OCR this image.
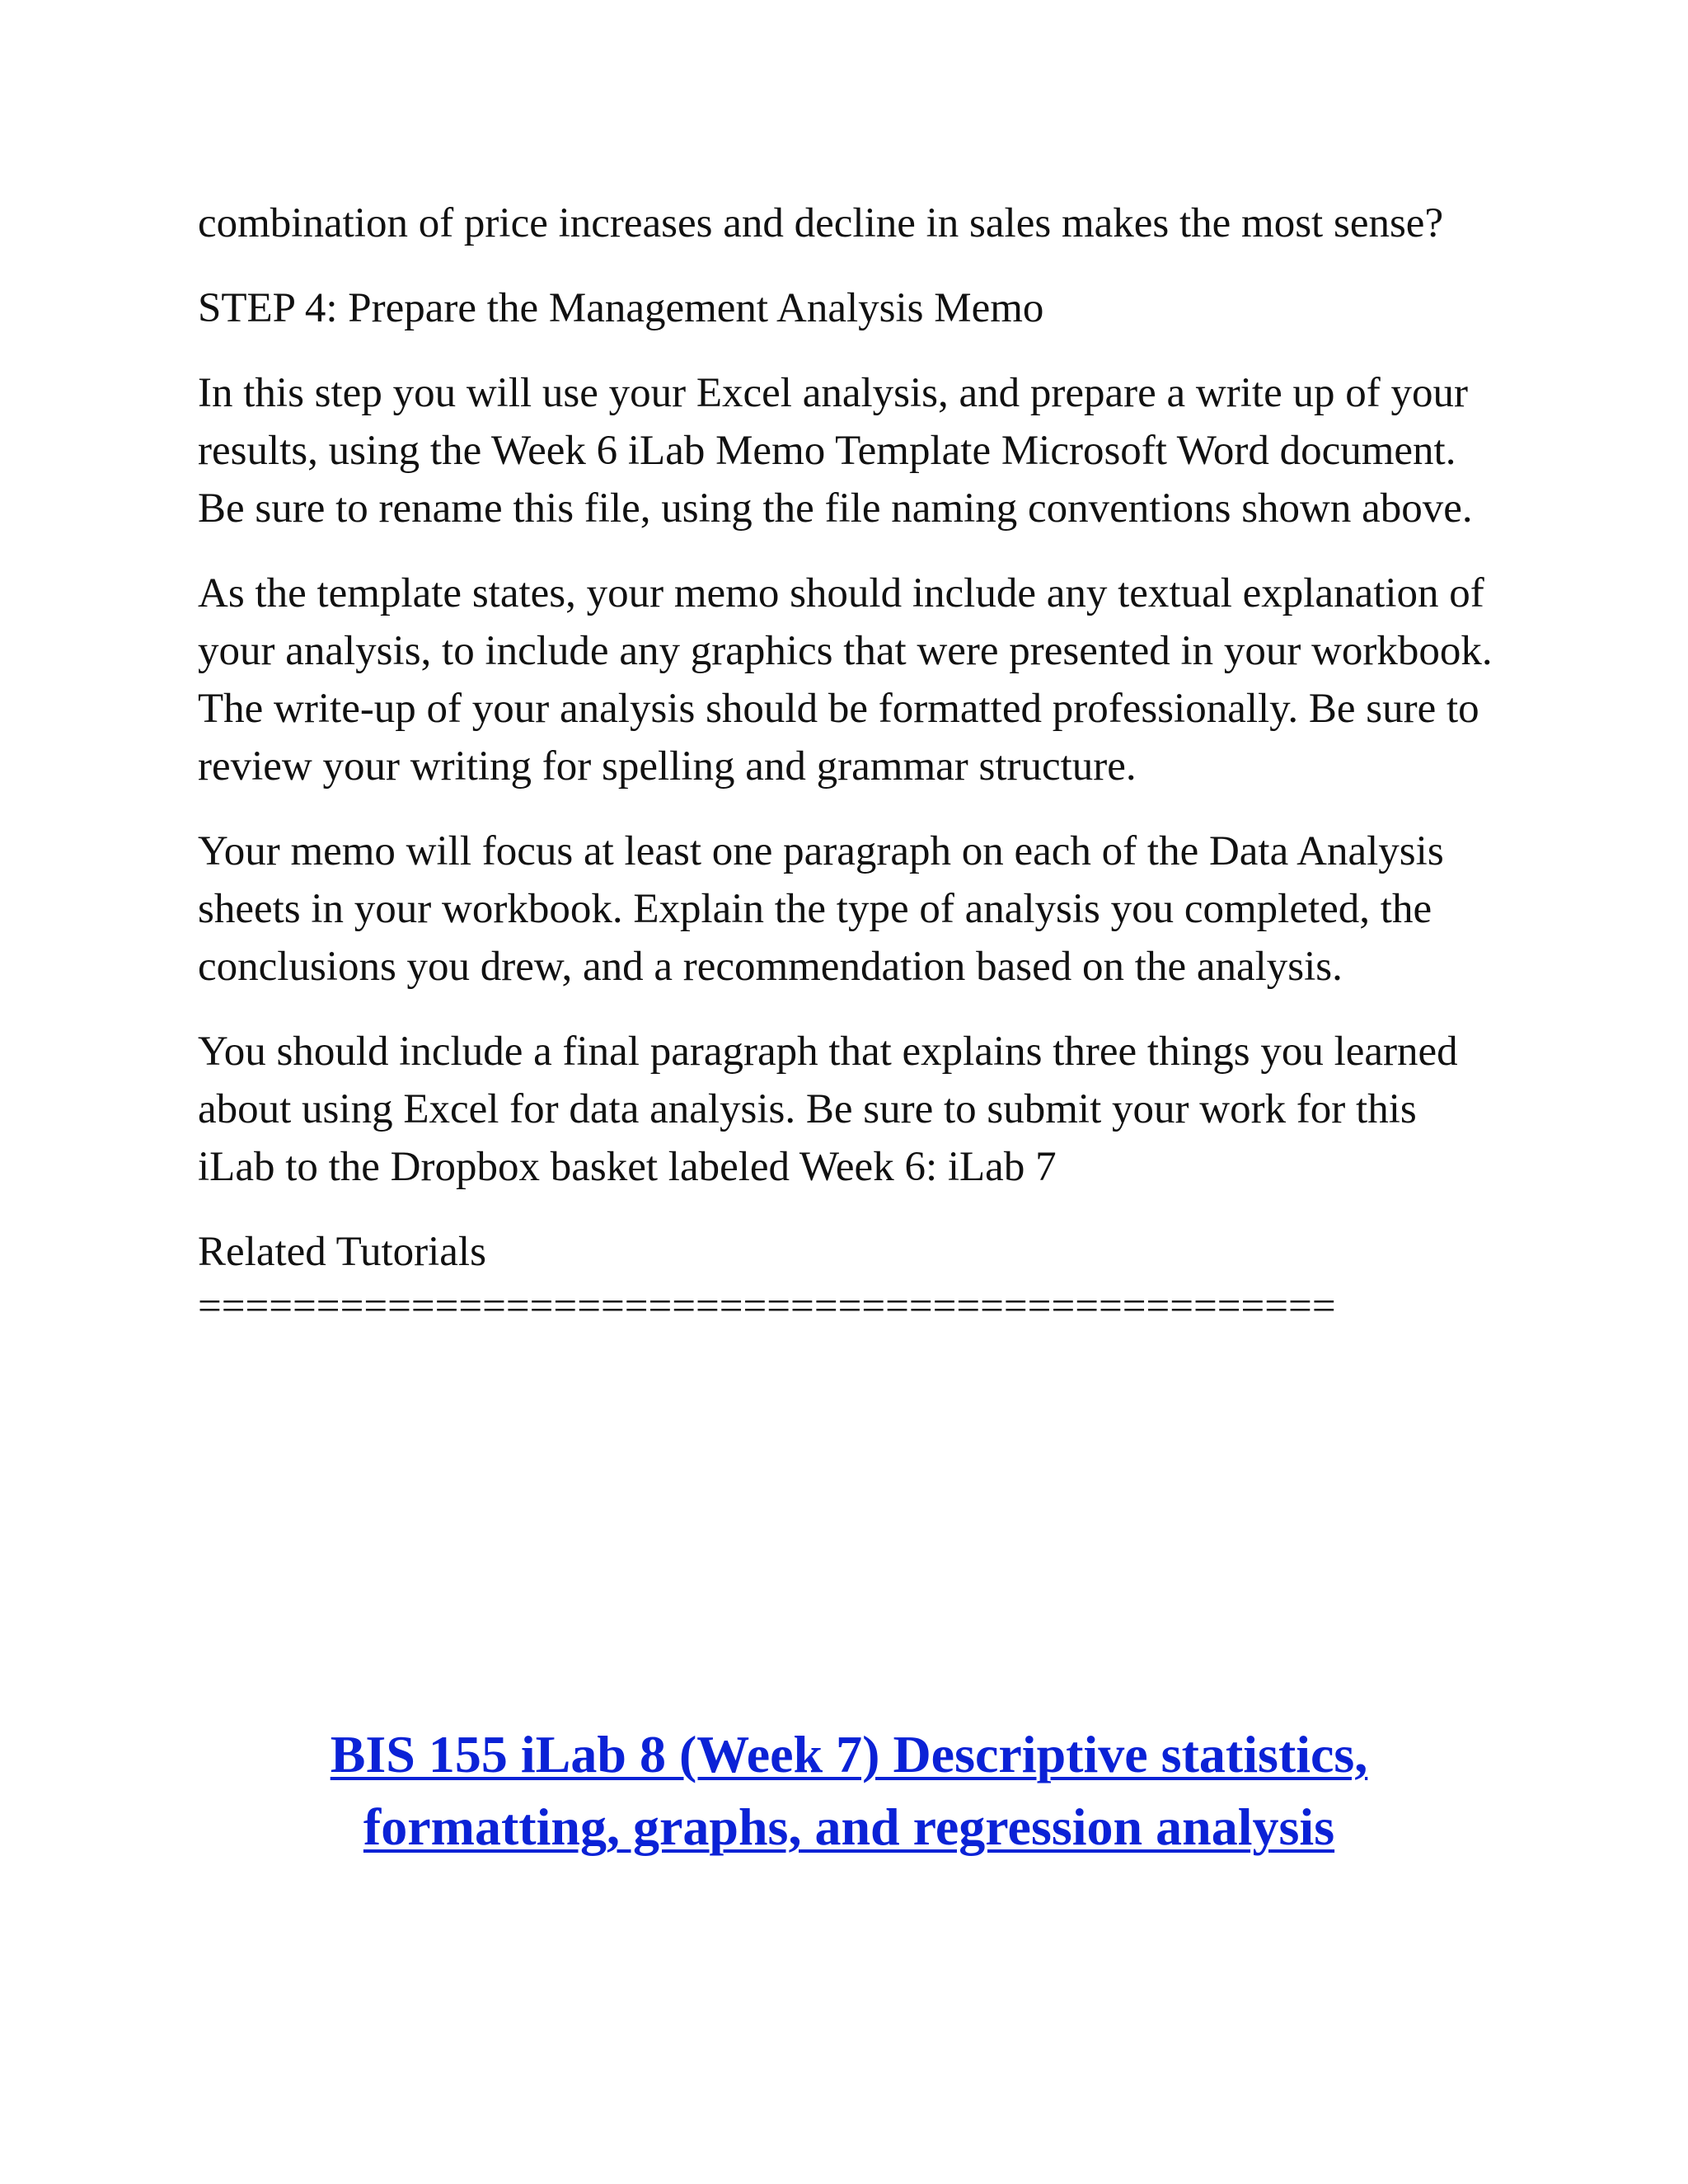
combination of price increases and decline in sales makes the most sense?

STEP 4: Prepare the Management Analysis Memo

In this step you will use your Excel analysis, and prepare a write up of your results, using the Week 6 iLab Memo Template Microsoft Word document. Be sure to rename this file, using the file naming conventions shown above.

As the template states, your memo should include any textual explanation of your analysis, to include any graphics that were presented in your workbook. The write-up of your analysis should be formatted professionally. Be sure to review your writing for spelling and grammar structure.

Your memo will focus at least one paragraph on each of the Data Analysis sheets in your workbook. Explain the type of analysis you completed, the conclusions you drew, and a recommendation based on the analysis.

You should include a final paragraph that explains three things you learned about using Excel for data analysis. Be sure to submit your work for this iLab to the Dropbox basket labeled Week 6: iLab 7

Related Tutorials

================================================
BIS 155 iLab 8 (Week 7) Descriptive statistics,
formatting, graphs, and regression analysis
